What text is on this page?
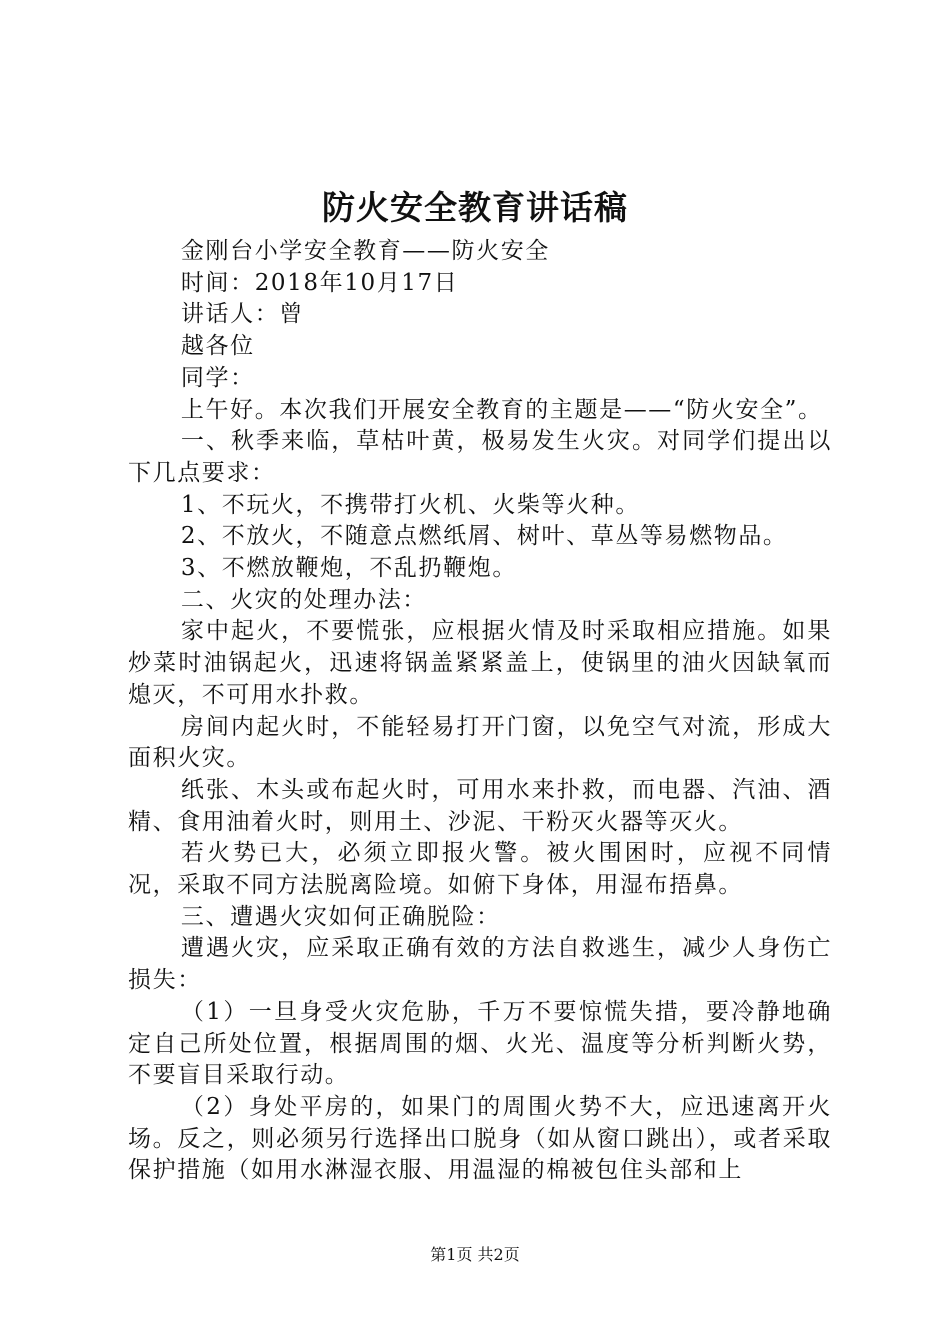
防火安全教育讲话稿

金刚台小学安全教育——防火安全

时间：2018年10月17日

讲话人：曾

越各位

同学：

上午好。本次我们开展安全教育的主题是——“防火安全”。

一、秋季来临，草枯叶黄，极易发生火灾。对同学们提出以下几点要求：

1、不玩火，不携带打火机、火柴等火种。

2、不放火，不随意点燃纸屑、树叶、草丛等易燃物品。

3、不燃放鞭炮，不乱扔鞭炮。

二、火灾的处理办法：

家中起火，不要慌张，应根据火情及时采取相应措施。如果炒菜时油锅起火，迅速将锅盖紧紧盖上，使锅里的油火因缺氧而熄灭，不可用水扑救。

房间内起火时，不能轻易打开门窗，以免空气对流，形成大面积火灾。

纸张、木头或布起火时，可用水来扑救，而电器、汽油、酒精、食用油着火时，则用土、沙泥、干粉灭火器等灭火。

若火势已大，必须立即报火警。被火围困时，应视不同情况，采取不同方法脱离险境。如俯下身体，用湿布捂鼻。

三、遭遇火灾如何正确脱险：

遭遇火灾，应采取正确有效的方法自救逃生，减少人身伤亡损失：

（1）一旦身受火灾危胁，千万不要惊慌失措，要冷静地确定自己所处位置，根据周围的烟、火光、温度等分析判断火势，不要盲目采取行动。

（2）身处平房的，如果门的周围火势不大，应迅速离开火场。反之，则必须另行选择出口脱身（如从窗口跳出），或者采取保护措施（如用水淋湿衣服、用温湿的棉被包住头部和上

第1页 共2页
